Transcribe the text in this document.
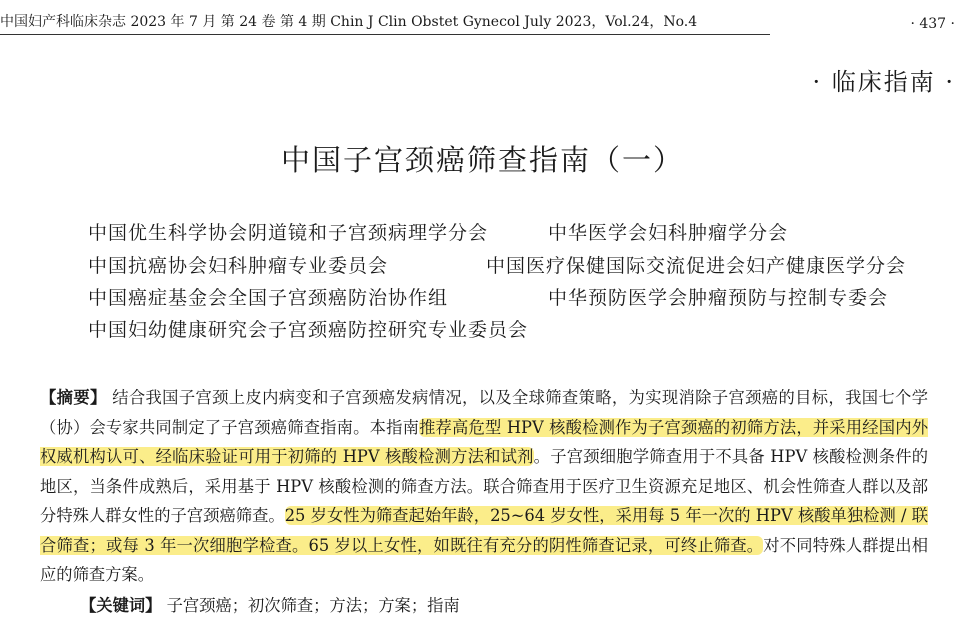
中国妇产科临床杂志 2023 年 7 月 第 24 卷 第 4 期 Chin J Clin Obstet Gynecol July 2023，Vol.24，No.4	· 437 ·
· 临床指南 ·
中国子宫颈癌筛查指南（一）
中国优生科学协会阴道镜和子宫颈病理学分会	中华医学会妇科肿瘤学分会
中国抗癌协会妇科肿瘤专业委员会	中国医疗保健国际交流促进会妇产健康医学分会
中国癌症基金会全国子宫颈癌防治协作组	中华预防医学会肿瘤预防与控制专委会
中国妇幼健康研究会子宫颈癌防控研究专业委员会

【摘要】 结合我国子宫颈上皮内病变和子宫颈癌发病情况，以及全球筛查策略，为实现消除子宫颈癌的目标，我国七个学（协）会专家共同制定了子宫颈癌筛查指南。本指南推荐高危型 HPV 核酸检测作为子宫颈癌的初筛方法，并采用经国内外权威机构认可、经临床验证可用于初筛的 HPV 核酸检测方法和试剂。子宫颈细胞学筛查用于不具备 HPV 核酸检测条件的地区，当条件成熟后，采用基于 HPV 核酸检测的筛查方法。联合筛查用于医疗卫生资源充足地区、机会性筛查人群以及部分特殊人群女性的子宫颈癌筛查。25 岁女性为筛查起始年龄，25~64 岁女性，采用每 5 年一次的 HPV 核酸单独检测 / 联合筛查；或每 3 年一次细胞学检查。65 岁以上女性，如既往有充分的阴性筛查记录，可终止筛查。对不同特殊人群提出相应的筛查方案。

【关键词】 子宫颈癌；初次筛查；方法；方案；指南
